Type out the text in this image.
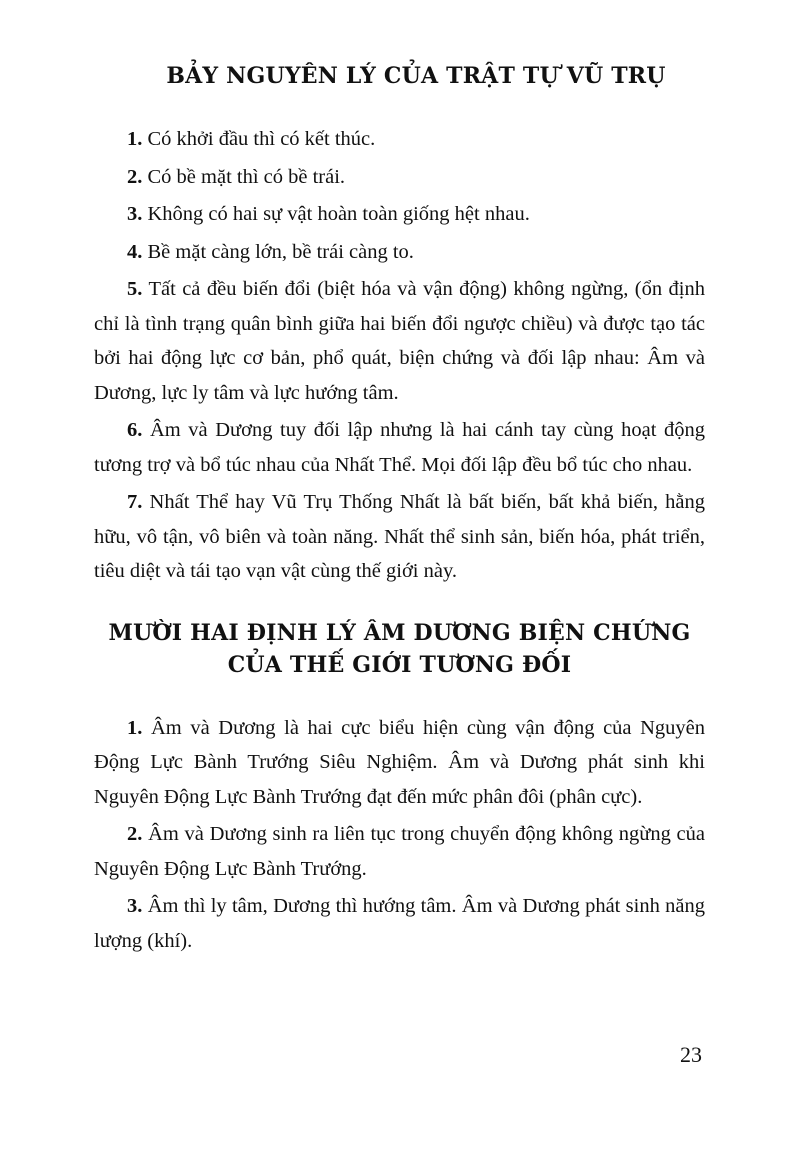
BẢY NGUYÊN LÝ CỦA TRẬT TỰ VŨ TRỤ
1. Có khởi đầu thì có kết thúc.
2. Có bề mặt thì có bề trái.
3. Không có hai sự vật hoàn toàn giống hệt nhau.
4. Bề mặt càng lớn, bề trái càng to.
5. Tất cả đều biến đổi (biệt hóa và vận động) không ngừng, (ổn định chỉ là tình trạng quân bình giữa hai biến đổi ngược chiều) và được tạo tác bởi hai động lực cơ bản, phổ quát, biện chứng và đối lập nhau: Âm và Dương, lực ly tâm và lực hướng tâm.
6. Âm và Dương tuy đối lập nhưng là hai cánh tay cùng hoạt động tương trợ và bổ túc nhau của Nhất Thể. Mọi đối lập đều bổ túc cho nhau.
7. Nhất Thể hay Vũ Trụ Thống Nhất là bất biến, bất khả biến, hằng hữu, vô tận, vô biên và toàn năng. Nhất thể sinh sản, biến hóa, phát triển, tiêu diệt và tái tạo vạn vật cùng thế giới này.
MƯỜI HAI ĐỊNH LÝ ÂM DƯƠNG BIỆN CHỨNG
CỦA THẾ GIỚI TƯƠNG ĐỐI
1. Âm và Dương là hai cực biểu hiện cùng vận động của Nguyên Động Lực Bành Trướng Siêu Nghiệm. Âm và Dương phát sinh khi Nguyên Động Lực Bành Trướng đạt đến mức phân đôi (phân cực).
2. Âm và Dương sinh ra liên tục trong chuyển động không ngừng của Nguyên Động Lực Bành Trướng.
3. Âm thì ly tâm, Dương thì hướng tâm. Âm và Dương phát sinh năng lượng (khí).
23
